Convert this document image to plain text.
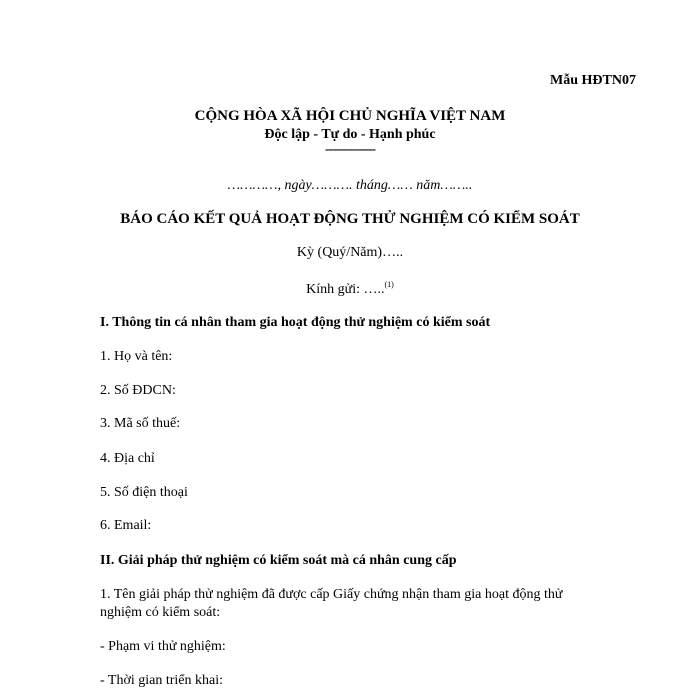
Mẫu HĐTN07
CỘNG HÒA XÃ HỘI CHỦ NGHĨA VIỆT NAM
Độc lập - Tự do - Hạnh phúc
---------------
…………, ngày………. tháng…… năm……..
BÁO CÁO KẾT QUẢ HOẠT ĐỘNG THỬ NGHIỆM CÓ KIỂM SOÁT
Kỳ (Quý/Năm)…..
Kính gửi: …..$^{(1)}$
I. Thông tin cá nhân tham gia hoạt động thử nghiệm có kiểm soát
1. Họ và tên:
2. Số ĐDCN:
3. Mã số thuế:
4. Địa chỉ
5. Số điện thoại
6. Email:
II. Giải pháp thử nghiệm có kiểm soát mà cá nhân cung cấp
1. Tên giải pháp thử nghiệm đã được cấp Giấy chứng nhận tham gia hoạt động thử
nghiệm có kiểm soát:
- Phạm vi thử nghiệm:
- Thời gian triển khai:
